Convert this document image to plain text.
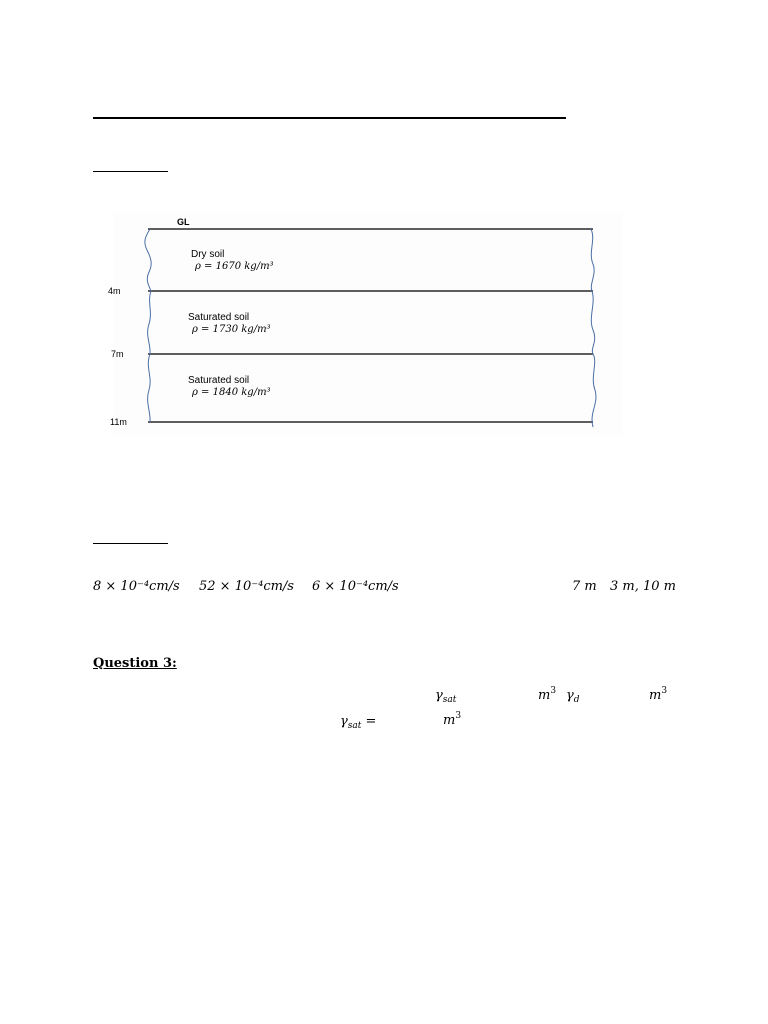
GL
Dry soil
ρ = 1670 kg/m³
Saturated soil
ρ = 1730 kg/m³
Saturated soil
ρ = 1840 kg/m³
4m
7m
11m
8 × 10⁻⁴cm/s 52 × 10⁻⁴cm/s 6 × 10⁻⁴cm/s	7 m 3 m, 10 m
Question 3:
$\gamma_{sat}$	$m^3$ $\gamma_d$	$m^3$
$\gamma_{sat}$ =	$m^3$
